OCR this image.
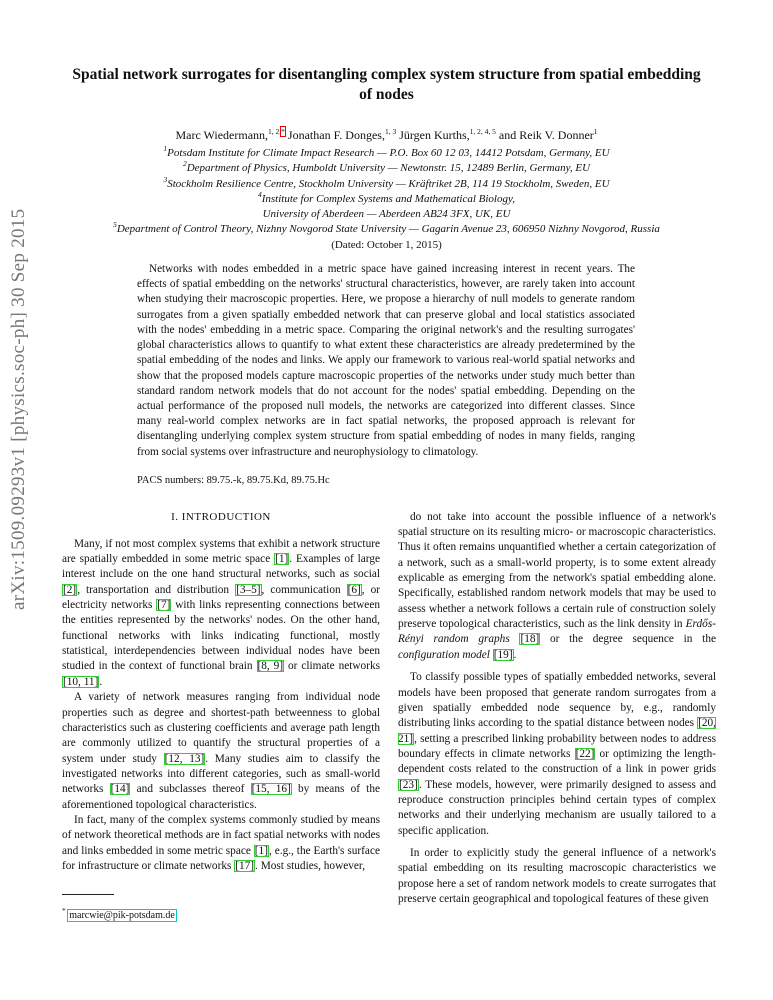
arXiv:1509.09293v1 [physics.soc-ph] 30 Sep 2015
Spatial network surrogates for disentangling complex system structure from spatial embedding of nodes
Marc Wiedermann,$^{1, 2,*}$ Jonathan F. Donges,$^{1, 3}$ Jürgen Kurths,$^{1, 2, 4, 5}$ and Reik V. Donner$^1$
$^1$Potsdam Institute for Climate Impact Research — P.O. Box 60 12 03, 14412 Potsdam, Germany, EU
$^2$Department of Physics, Humboldt University — Newtonstr. 15, 12489 Berlin, Germany, EU
$^3$Stockholm Resilience Centre, Stockholm University — Kräftriket 2B, 114 19 Stockholm, Sweden, EU
$^4$Institute for Complex Systems and Mathematical Biology,
University of Aberdeen — Aberdeen AB24 3FX, UK, EU
$^5$Department of Control Theory, Nizhny Novgorod State University — Gagarin Avenue 23, 606950 Nizhny Novgorod, Russia
(Dated: October 1, 2015)
Networks with nodes embedded in a metric space have gained increasing interest in recent years. The effects of spatial embedding on the networks' structural characteristics, however, are rarely taken into account when studying their macroscopic properties. Here, we propose a hierarchy of null models to generate random surrogates from a given spatially embedded network that can preserve global and local statistics associated with the nodes' embedding in a metric space. Comparing the original network's and the resulting surrogates' global characteristics allows to quantify to what extent these characteristics are already predetermined by the spatial embedding of the nodes and links. We apply our framework to various real-world spatial networks and show that the proposed models capture macroscopic properties of the networks under study much better than standard random network models that do not account for the nodes' spatial embedding. Depending on the actual performance of the proposed null models, the networks are categorized into different classes. Since many real-world complex networks are in fact spatial networks, the proposed approach is relevant for disentangling underlying complex system structure from spatial embedding of nodes in many fields, ranging from social systems over infrastructure and neurophysiology to climatology.
PACS numbers: 89.75.-k, 89.75.Kd, 89.75.Hc
I. INTRODUCTION

Many, if not most complex systems that exhibit a network structure are spatially embedded in some metric space [1]. Examples of large interest include on the one hand structural networks, such as social [2], transportation and distribution [3–5], communication [6], or electricity networks [7] with links representing connections between the entities represented by the networks' nodes. On the other hand, functional networks with links indicating functional, mostly statistical, interdependencies between individual nodes have been studied in the context of functional brain [8, 9] or climate networks [10, 11].

A variety of network measures ranging from individual node properties such as degree and shortest-path betweenness to global characteristics such as clustering coefficients and average path length are commonly utilized to quantify the structural properties of a system under study [12, 13]. Many studies aim to classify the investigated networks into different categories, such as small-world networks [14] and subclasses thereof [15, 16] by means of the aforementioned topological characteristics.

In fact, many of the complex systems commonly studied by means of network theoretical methods are in fact spatial networks with nodes and links embedded in some metric space [1], e.g., the Earth's surface for infrastructure or climate networks [17]. Most studies, however,

* marcwie@pik-potsdam.de

do not take into account the possible influence of a network's spatial structure on its resulting micro- or macroscopic characteristics. Thus it often remains unquantified whether a certain categorization of a network, such as a small-world property, is to some extent already explicable as emerging from the network's spatial embedding alone. Specifically, established random network models that may be used to assess whether a network follows a certain rule of construction solely preserve topological characteristics, such as the link density in Erdős-Rényi random graphs [18] or the degree sequence in the configuration model [19].

To classify possible types of spatially embedded networks, several models have been proposed that generate random surrogates from a given spatially embedded node sequence by, e.g., randomly distributing links according to the spatial distance between nodes [20, 21], setting a prescribed linking probability between nodes to address boundary effects in climate networks [22] or optimizing the length-dependent costs related to the construction of a link in power grids [23]. These models, however, were primarily designed to assess and reproduce construction principles behind certain types of complex networks and their underlying mechanism are usually tailored to a specific application.

In order to explicitly study the general influence of a network's spatial embedding on its resulting macroscopic characteristics we propose here a set of random network models to create surrogates that preserve certain geographical and topological features of these given
